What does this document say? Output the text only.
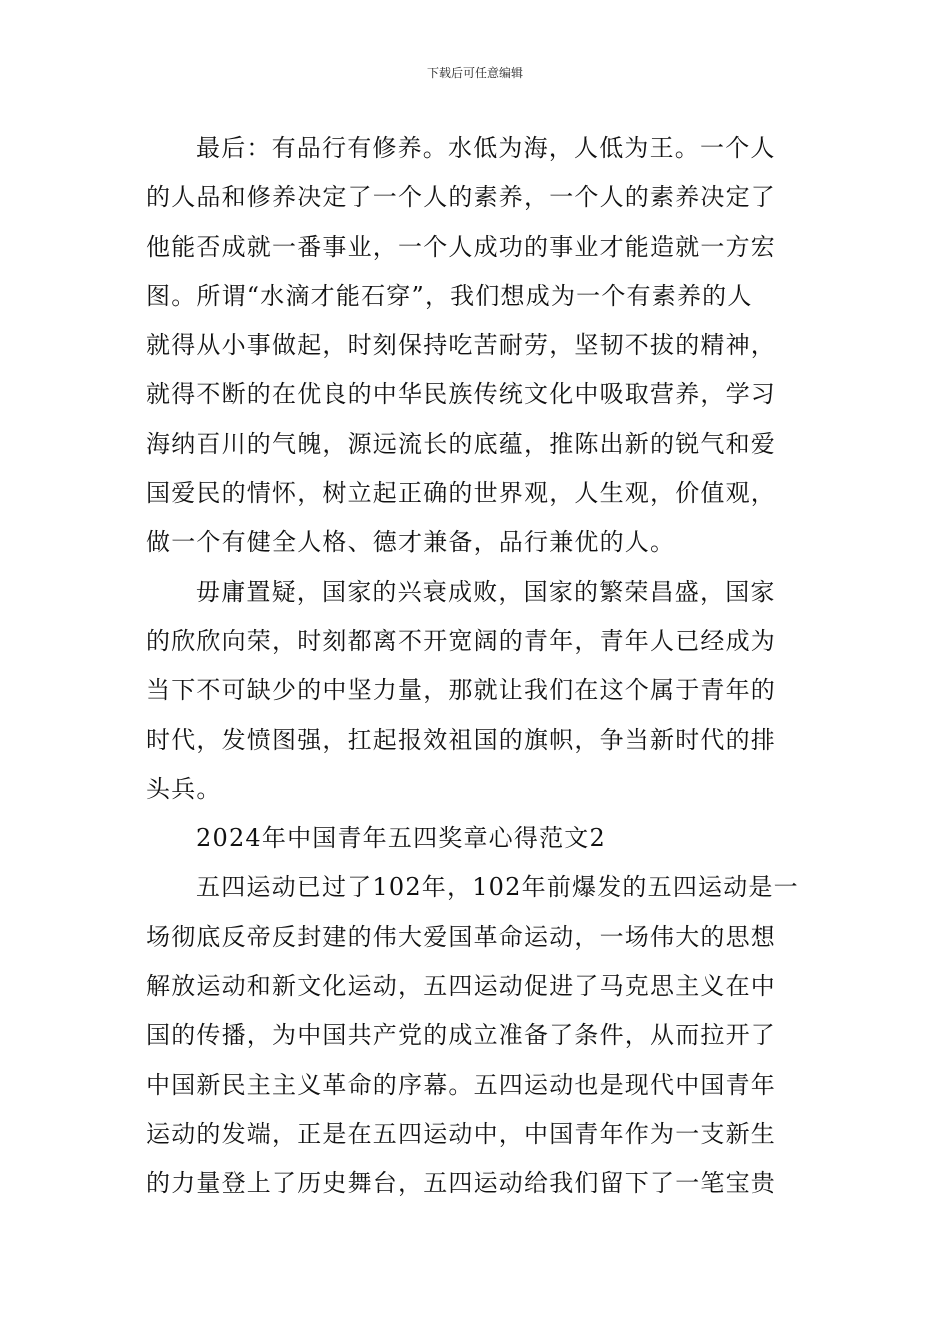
下载后可任意编辑
最后：有品行有修养。水低为海，人低为王。一个人
的人品和修养决定了一个人的素养，一个人的素养决定了
他能否成就一番事业，一个人成功的事业才能造就一方宏
图。所谓“水滴才能石穿”，我们想成为一个有素养的人
就得从小事做起，时刻保持吃苦耐劳，坚韧不拔的精神，
就得不断的在优良的中华民族传统文化中吸取营养，学习
海纳百川的气魄，源远流长的底蕴，推陈出新的锐气和爱
国爱民的情怀，树立起正确的世界观，人生观，价值观，
做一个有健全人格、德才兼备，品行兼优的人。
毋庸置疑，国家的兴衰成败，国家的繁荣昌盛，国家
的欣欣向荣，时刻都离不开宽阔的青年，青年人已经成为
当下不可缺少的中坚力量，那就让我们在这个属于青年的
时代，发愤图强，扛起报效祖国的旗帜，争当新时代的排
头兵。
2024年中国青年五四奖章心得范文2
五四运动已过了102年，102年前爆发的五四运动是一
场彻底反帝反封建的伟大爱国革命运动，一场伟大的思想
解放运动和新文化运动，五四运动促进了马克思主义在中
国的传播，为中国共产党的成立准备了条件，从而拉开了
中国新民主主义革命的序幕。五四运动也是现代中国青年
运动的发端，正是在五四运动中，中国青年作为一支新生
的力量登上了历史舞台，五四运动给我们留下了一笔宝贵
